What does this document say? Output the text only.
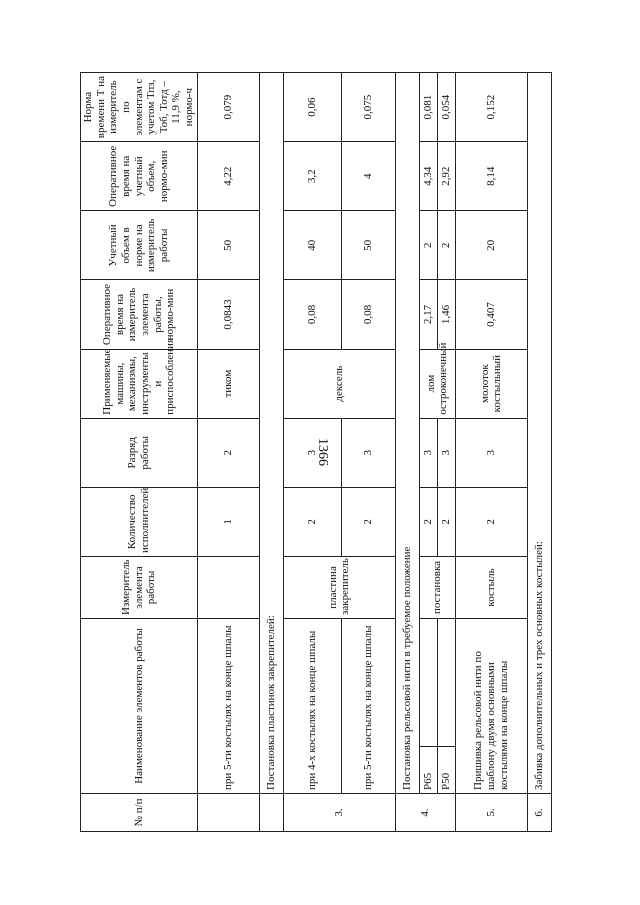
1366
№ п/п	Наименование элементов работы		Измеритель элемента работы	Количество исполнителей	Разряд работы	Применяемые машины, механизмы, инструменты и приспособления	Оперативное время на измеритель элемента работы, нормо-мин	Учетный объем в норме на измеритель работы	Оперативное время на учетный объем, нормо-мин	Норма времени Т на измеритель по элементам с учетом Тпз, Тоб, Тотд – 11,9 %, нормо-ч
	при 5-ти костылях на конце шпалы			1	2	тиком	0,0843	50	4,22	0,079
	Постановка пластинок закрепителей:									
3.	при 4-х костылях на конце шпалы		пластина закрепитель	2	3	дексель	0,08	40	3,2	0,06
	при 5-ти костылях на конце шпалы			2	3		0,08	50	4	0,075
4.	Постановка рельсовой нити в требуемое положение									
	Р65		постановка	2	3	лом остроконечный	2,17	2	4,34	0,081
	Р50			2	3		1,46	2	2,92	0,054
5.	Пришивка рельсовой нити по шаблону двумя основными костылями на конце шпалы		костыль	2	3	молоток костыльный	0,407	20	8,14	0,152
6.	Забивка дополнительных и трех основных костылей:									
